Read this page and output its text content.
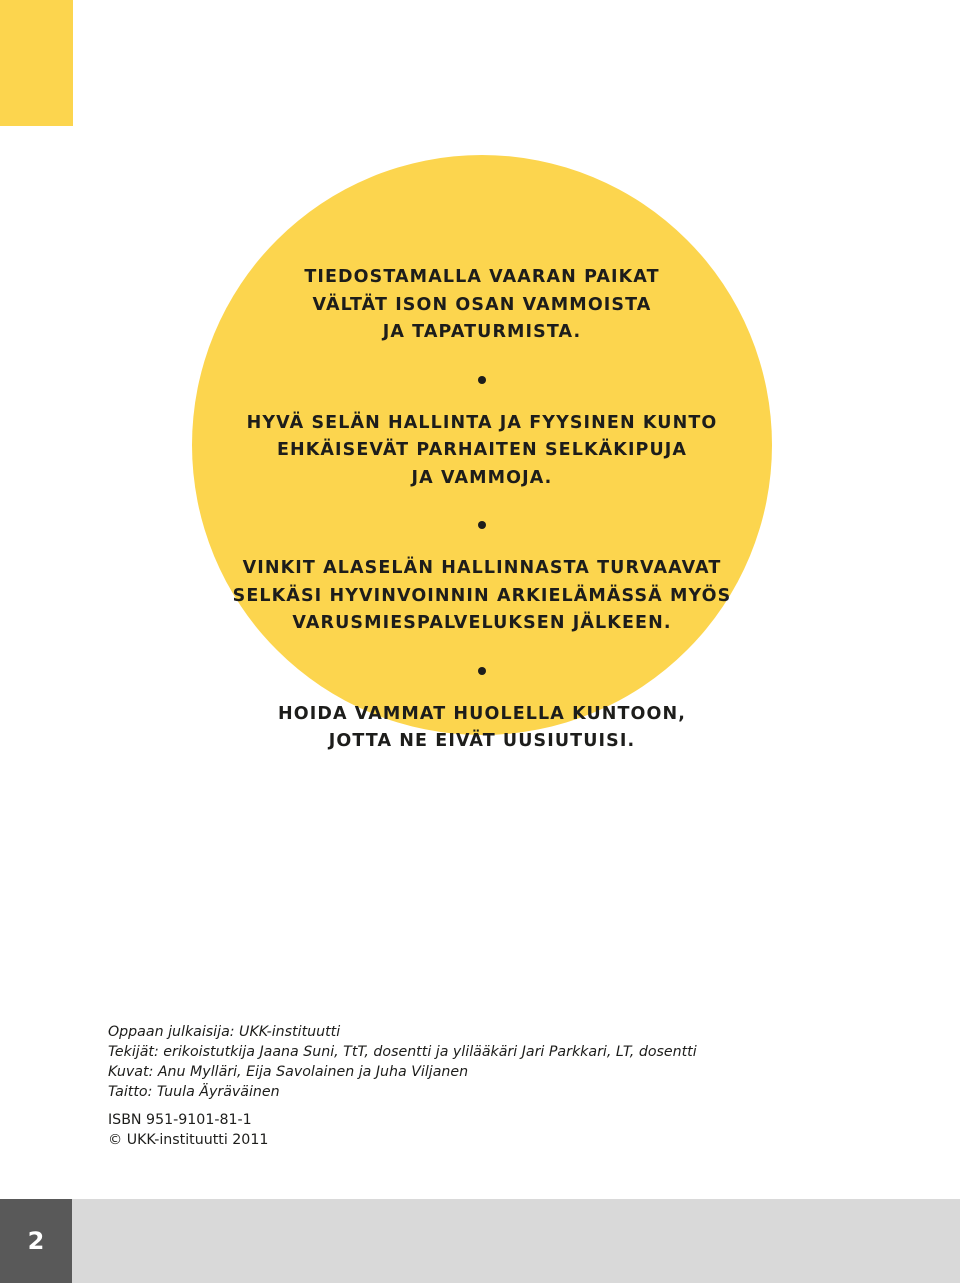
TIEDOSTAMALLA VAARAN PAIKAT
VÄLTÄT ISON OSAN VAMMOISTA
JA TAPATURMISTA.
HYVÄ SELÄN HALLINTA JA FYYSINEN KUNTO
EHKÄISEVÄT PARHAITEN SELKÄKIPUJA
JA VAMMOJA.
VINKIT ALASELÄN HALLINNASTA TURVAAVAT
SELKÄSI HYVINVOINNIN ARKIELÄMÄSSÄ MYÖS
VARUSMIESPALVELUKSEN JÄLKEEN.
HOIDA VAMMAT HUOLELLA KUNTOON,
JOTTA NE EIVÄT UUSIUTUISI.
Oppaan julkaisija: UKK-instituutti
Tekijät: erikoistutkija Jaana Suni, TtT, dosentti ja ylilääkäri Jari Parkkari, LT, dosentti
Kuvat: Anu Mylläri, Eija Savolainen ja Juha Viljanen
Taitto: Tuula Äyräväinen
ISBN 951-9101-81-1
© UKK-instituutti 2011
2
